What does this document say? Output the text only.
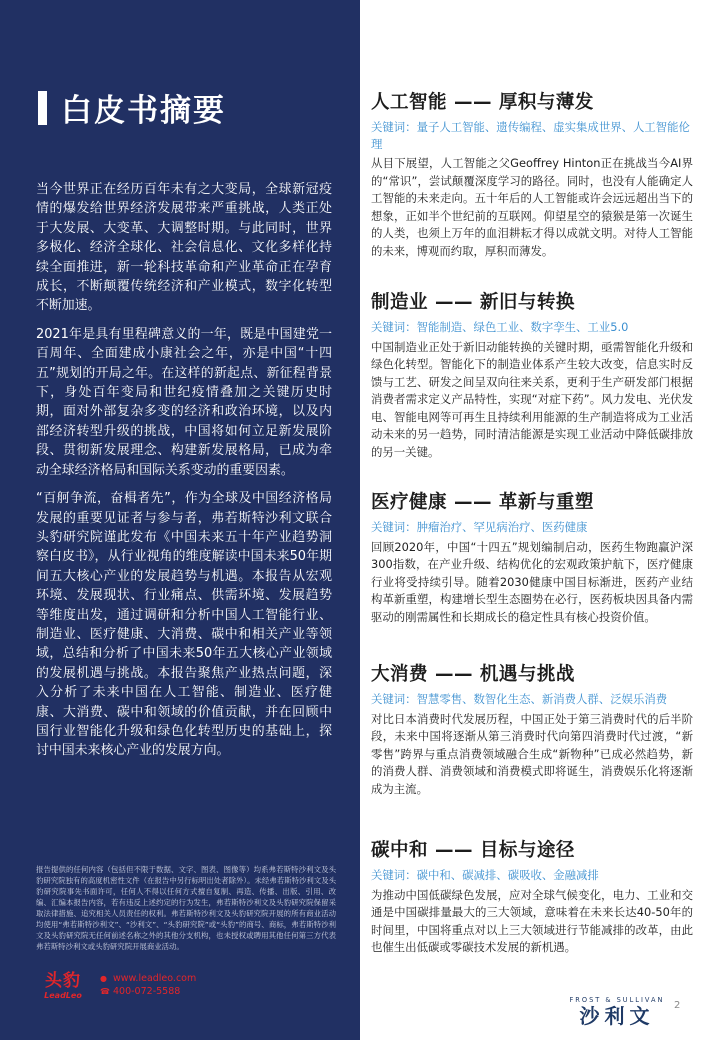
白皮书摘要

当今世界正在经历百年未有之大变局，全球新冠疫情的爆发给世界经济发展带来严重挑战，人类正处于大发展、大变革、大调整时期。与此同时，世界多极化、经济全球化、社会信息化、文化多样化持续全面推进，新一轮科技革命和产业革命正在孕育成长，不断颠覆传统经济和产业模式，数字化转型不断加速。

2021年是具有里程碑意义的一年，既是中国建党一百周年、全面建成小康社会之年，亦是中国“十四五”规划的开局之年。在这样的新起点、新征程背景下，身处百年变局和世纪疫情叠加之关键历史时期，面对外部复杂多变的经济和政治环境，以及内部经济转型升级的挑战，中国将如何立足新发展阶段、贯彻新发展理念、构建新发展格局，已成为牵动全球经济格局和国际关系变动的重要因素。

“百舸争流，奋楫者先”，作为全球及中国经济格局发展的重要见证者与参与者，弗若斯特沙利文联合头豹研究院谨此发布《中国未来五十年产业趋势洞察白皮书》，从行业视角的维度解读中国未来50年期间五大核心产业的发展趋势与机遇。本报告从宏观环境、发展现状、行业痛点、供需环境、发展趋势等维度出发，通过调研和分析中国人工智能行业、制造业、医疗健康、大消费、碳中和相关产业等领域，总结和分析了中国未来50年五大核心产业领域的发展机遇与挑战。本报告聚焦产业热点问题，深入分析了未来中国在人工智能、制造业、医疗健康、大消费、碳中和领域的价值贡献，并在回顾中国行业智能化升级和绿色化转型历史的基础上，探讨中国未来核心产业的发展方向。

报告提供的任何内容（包括但不限于数据、文字、图表、图像等）均系弗若斯特沙利文及头豹研究院独有的高度机密性文件（在报告中另行标明出处者除外）。未经弗若斯特沙利文及头豹研究院事先书面许可，任何人不得以任何方式擅自复制、再造、传播、出版、引用、改编、汇编本报告内容，若有违反上述约定的行为发生，弗若斯特沙利文及头豹研究院保留采取法律措施、追究相关人员责任的权利。弗若斯特沙利文及头豹研究院开展的所有商业活动均使用“弗若斯特沙利文”、“沙利文”、“头豹研究院”或“头豹”的商号、商标，弗若斯特沙利文及头豹研究院无任何前述名称之外的其他分支机构，也未授权或聘用其他任何第三方代表弗若斯特沙利文或头豹研究院开展商业活动。
头豹
LeadLeo
● www.leadleo.com
☎ 400-072-5588
人工智能 —— 厚积与薄发
关键词：量子人工智能、遗传编程、虚实集成世界、人工智能伦理
从目下展望，人工智能之父Geoffrey Hinton正在挑战当今AI界的“常识”，尝试颠覆深度学习的路径。同时，也没有人能确定人工智能的未来走向。五十年后的人工智能或许会远远超出当下的想象，正如半个世纪前的互联网。仰望星空的猿猴是第一次诞生的人类，也须上万年的血泪耕耘才得以成就文明。对待人工智能的未来，博观而约取，厚积而薄发。
制造业 —— 新旧与转换
关键词：智能制造、绿色工业、数字孪生、工业5.0
中国制造业正处于新旧动能转换的关键时期，亟需智能化升级和绿色化转型。智能化下的制造业体系产生较大改变，信息实时反馈与工艺、研发之间呈双向往来关系，更利于生产研发部门根据消费者需求定义产品特性，实现“对症下药”。风力发电、光伏发电、智能电网等可再生且持续利用能源的生产制造将成为工业活动未来的另一趋势，同时清洁能源是实现工业活动中降低碳排放的另一关键。
医疗健康 —— 革新与重塑
关键词：肿瘤治疗、罕见病治疗、医药健康
回顾2020年，中国“十四五”规划编制启动，医药生物跑赢沪深300指数，在产业升级、结构优化的宏观政策护航下，医疗健康行业将受持续引导。随着2030健康中国目标渐进，医药产业结构革新重塑，构建增长型生态圈势在必行，医药板块因具备内需驱动的刚需属性和长期成长的稳定性具有核心投资价值。
大消费 —— 机遇与挑战
关键词：智慧零售、数智化生态、新消费人群、泛娱乐消费
对比日本消费时代发展历程，中国正处于第三消费时代的后半阶段，未来中国将逐渐从第三消费时代向第四消费时代过渡，“新零售”跨界与重点消费领域融合生成“新物种”已成必然趋势，新的消费人群、消费领域和消费模式即将诞生，消费娱乐化将逐渐成为主流。
碳中和 —— 目标与途径
关键词：碳中和、碳减排、碳吸收、金融减排
为推动中国低碳绿色发展，应对全球气候变化，电力、工业和交通是中国碳排量最大的三大领域，意味着在未来长达40-50年的时间里，中国将重点对以上三大领域进行节能减排的改革，由此也催生出低碳或零碳技术发展的新机遇。
FROST & SULLIVAN
沙利文	2
